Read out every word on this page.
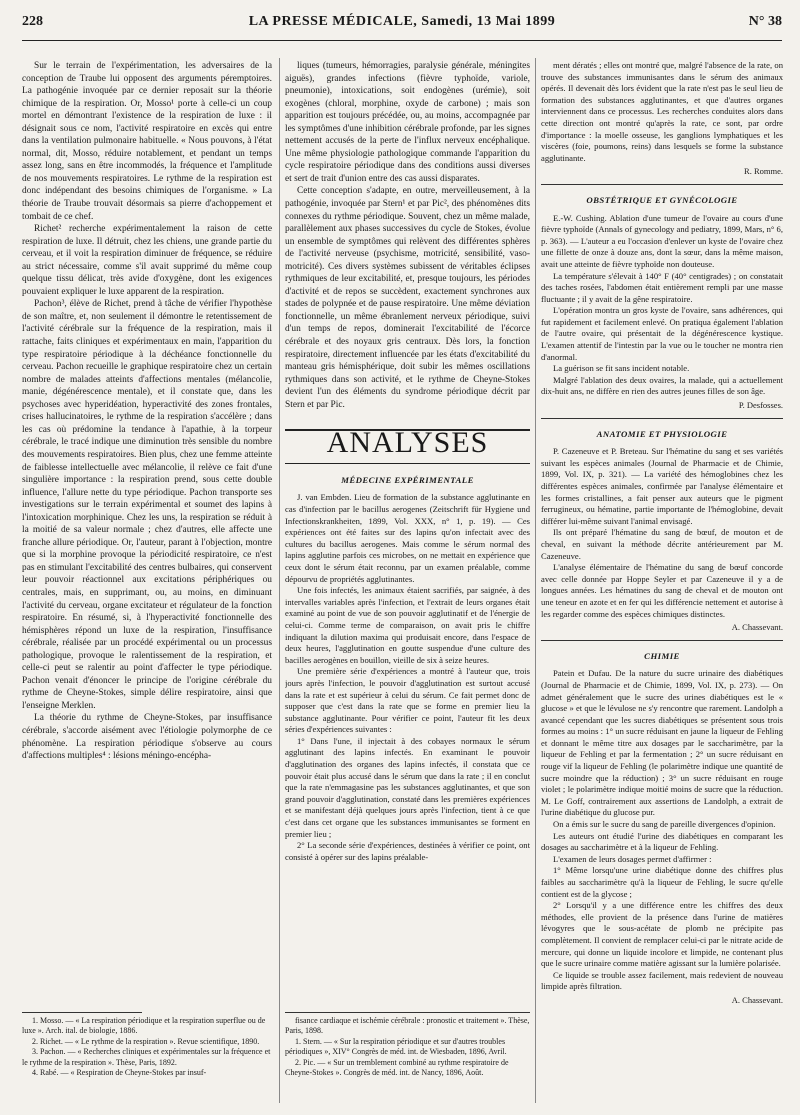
228	LA PRESSE MÉDICALE, Samedi, 13 Mai 1899	N° 38

Sur le terrain de l'expérimentation, les adversaires de la conception de Traube lui opposent des arguments péremptoires. La pathogénie invoquée par ce dernier reposait sur la théorie chimique de la respiration. Or, Mosso¹ porte à celle-ci un coup mortel en démontrant l'existence de la respiration de luxe : il désignait sous ce nom, l'activité respiratoire en excès qui entre dans la ventilation pulmonaire habituelle. « Nous pouvons, à l'état normal, dit, Mosso, réduire notablement, et pendant un temps assez long, sans en être incommodés, la fréquence et l'amplitude de nos mouvements respiratoires. Le rythme de la respiration est donc indépendant des besoins chimiques de l'organisme. » La théorie de Traube trouvait désormais sa pierre d'achoppement et tombait de ce chef.

Richet² recherche expérimentalement la raison de cette respiration de luxe. Il détruit, chez les chiens, une grande partie du cerveau, et il voit la respiration diminuer de fréquence, se réduire au strict nécessaire, comme s'il avait supprimé du même coup quelque tissu délicat, très avide d'oxygène, dont les exigences pouvaient expliquer le luxe apparent de la respiration.

Pachon³, élève de Richet, prend à tâche de vérifier l'hypothèse de son maître, et, non seulement il démontre le retentissement de l'activité cérébrale sur la fréquence de la respiration, mais il rattache, faits cliniques et expérimentaux en main, l'apparition du type respiratoire périodique à la déchéance fonctionnelle du cerveau. Pachon recueille le graphique respiratoire chez un certain nombre de malades atteints d'affections mentales (mélancolie, manie, dégénérescence mentale), et il constate que, dans les psychoses avec hyperidéation, hyperactivité des zones frontales, crises hallucinatoires, le rythme de la respiration s'accélère ; dans les cas où prédomine la tendance à l'apathie, à la torpeur cérébrale, le tracé indique une diminution très sensible du nombre des mouvements respiratoires. Bien plus, chez une femme atteinte de faiblesse intellectuelle avec mélancolie, il relève ce fait d'une singulière importance : la respiration prend, sous cette double influence, l'allure nette du type périodique. Pachon transporte ses investigations sur le terrain expérimental et soumet des lapins à l'intoxication morphinique. Chez les uns, la respiration se réduit à la moitié de sa valeur normale ; chez d'autres, elle affecte une franche allure périodique. Or, l'auteur, parant à l'objection, montre que si la morphine provoque la périodicité respiratoire, ce n'est pas en stimulant l'excitabilité des centres bulbaires, qui conservent leur pouvoir réactionnel aux excitations périphériques ou centrales, mais, en supprimant, ou, au moins, en diminuant l'activité du cerveau, organe excitateur et régulateur de la fonction respiratoire. En résumé, si, à l'hyperactivité fonctionnelle des hémisphères répond un luxe de la respiration, l'insuffisance cérébrale, réalisée par un procédé expérimental ou un processus pathologique, provoque le ralentissement de la respiration, et celle-ci peut se ralentir au point d'affecter le type périodique. Pachon venait d'énoncer le principe de l'origine cérébrale du rythme de Cheyne-Stokes, simple délire respiratoire, ainsi que l'enseigne Merklen.

La théorie du rythme de Cheyne-Stokes, par insuffisance cérébrale, s'accorde aisément avec l'étiologie polymorphe de ce phénomène. La respiration périodique s'observe au cours d'affections multiples⁴ : lésions méningo-encépha-

1. Mosso. — « La respiration périodique et la respiration superflue ou de luxe ». Arch. ital. de biologie, 1886.

2. Richet. — « Le rythme de la respiration ». Revue scientifique, 1890.

3. Pachon. — « Recherches cliniques et expérimentales sur la fréquence et le rythme de la respiration ». Thèse, Paris, 1892.

4. Rabé. — « Respiration de Cheyne-Stokes par insuf-

liques (tumeurs, hémorragies, paralysie générale, méningites aiguës), grandes infections (fièvre typhoïde, variole, pneumonie), intoxications, soit endogènes (urémie), soit exogènes (chloral, morphine, oxyde de carbone) ; mais son apparition est toujours précédée, ou, au moins, accompagnée par les symptômes d'une inhibition cérébrale profonde, par les signes nettement accusés de la perte de l'influx nerveux encéphalique. Une même physiologie pathologique commande l'apparition du cycle respiratoire périodique dans des conditions aussi diverses et sert de trait d'union entre des cas aussi disparates.

Cette conception s'adapte, en outre, merveilleusement, à la pathogénie, invoquée par Stern¹ et par Pic², des phénomènes dits connexes du rythme périodique. Souvent, chez un même malade, parallèlement aux phases successives du cycle de Stokes, évolue un ensemble de symptômes qui relèvent des différentes sphères de l'activité nerveuse (psychisme, motricité, sensibilité, vaso-motricité). Ces divers systèmes subissent de véritables éclipses rythmiques de leur excitabilité, et, presque toujours, les périodes d'activité et de repos se succèdent, exactement synchrones aux stades de polypnée et de pause respiratoire. Une même déviation fonctionnelle, un même ébranlement nerveux périodique, suivi d'un temps de repos, dominerait l'excitabilité de l'écorce cérébrale et des noyaux gris centraux. Dès lors, la fonction respiratoire, directement influencée par les états d'excitabilité du manteau gris hémisphérique, doit subir les mêmes oscillations rythmiques dans son activité, et le rythme de Cheyne-Stokes devient l'un des éléments du syndrome périodique décrit par Stern et par Pic.

ANALYSES
MÉDECINE EXPÉRIMENTALE

J. van Embden. Lieu de formation de la substance agglutinante en cas d'infection par le bacillus aerogenes (Zeitschrift für Hygiene und Infectionskrankheiten, 1899, Vol. XXX, n° 1, p. 19). — Ces expériences ont été faites sur des lapins qu'on infectait avec des cultures du bacillus aerogenes. Mais comme le sérum normal des lapins agglutine parfois ces microbes, on ne mettait en expérience que ceux dont le sérum était reconnu, par un examen préalable, comme dépourvu de propriétés agglutinantes.

Une fois infectés, les animaux étaient sacrifiés, par saignée, à des intervalles variables après l'infection, et l'extrait de leurs organes était examiné au point de vue de son pouvoir agglutinatif et de l'énergie de celui-ci. Comme terme de comparaison, on avait pris le chiffre indiquant la dilution maxima qui produisait encore, dans l'espace de deux heures, l'agglutination en goutte suspendue d'une culture des bacilles aerogènes en bouillon, vieille de six à seize heures.

Une première série d'expériences a montré à l'auteur que, trois jours après l'infection, le pouvoir d'agglutination est surtout accusé dans la rate et est supérieur à celui du sérum. Ce fait permet donc de supposer que c'est dans la rate que se forme en premier lieu la substance agglutinante. Pour vérifier ce point, l'auteur fit les deux séries d'expériences suivantes :

1° Dans l'une, il injectait à des cobayes normaux le sérum agglutinant des lapins infectés. En examinant le pouvoir d'agglutination des organes des lapins infectés, il constata que ce pouvoir était plus accusé dans le sérum que dans la rate ; il en conclut que la rate n'emmagasine pas les substances agglutinantes, et que son grand pouvoir d'agglutination, constaté dans les premières expériences et se manifestant déjà quelques jours après l'infection, tient à ce que c'est dans cet organe que les substances immunisantes se forment en premier lieu ;

2° La seconde série d'expériences, destinées à vérifier ce point, ont consisté à opérer sur des lapins préalable-

fisance cardiaque et ischémie cérébrale : pronostic et traitement ». Thèse, Paris, 1898.

1. Stern. — « Sur la respiration périodique et sur d'autres troubles périodiques », XIV° Congrès de méd. int. de Wiesbaden, 1896, Avril.

2. Pic. — « Sur un tremblement combiné au rythme respiratoire de Cheyne-Stokes ». Congrès de méd. int. de Nancy, 1896, Août.

ment dératés ; elles ont montré que, malgré l'absence de la rate, on trouve des substances immunisantes dans le sérum des animaux opérés. Il devenait dès lors évident que la rate n'est pas le seul lieu de formation des substances agglutinantes, et que d'autres organes interviennent dans ce processus. Les recherches conduites alors dans cette direction ont montré qu'après la rate, ce sont, par ordre d'importance : la moelle osseuse, les ganglions lymphatiques et les viscères (foie, poumons, reins) dans lesquels se forme la substance agglutinante.

R. Romme.

OBSTÉTRIQUE ET GYNÉCOLOGIE

E.-W. Cushing. Ablation d'une tumeur de l'ovaire au cours d'une fièvre typhoïde (Annals of gynecology and pediatry, 1899, Mars, n° 6, p. 363). — L'auteur a eu l'occasion d'enlever un kyste de l'ovaire chez une fillette de onze à douze ans, dont la sœur, dans la même maison, avait une atteinte de fièvre typhoïde non douteuse.

La température s'élevait à 140° F (40° centigrades) ; on constatait des taches rosées, l'abdomen était entièrement rempli par une masse fluctuante ; il y avait de la gêne respiratoire.

L'opération montra un gros kyste de l'ovaire, sans adhérences, qui fut rapidement et facilement enlevé. On pratiqua également l'ablation de l'autre ovaire, qui présentait de la dégénérescence kystique. L'examen attentif de l'intestin par la vue ou le toucher ne montra rien d'anormal.

La guérison se fit sans incident notable.

Malgré l'ablation des deux ovaires, la malade, qui a actuellement dix-huit ans, ne diffère en rien des autres jeunes filles de son âge.

P. Desfosses.

ANATOMIE ET PHYSIOLOGIE

P. Cazeneuve et P. Breteau. Sur l'hématine du sang et ses variétés suivant les espèces animales (Journal de Pharmacie et de Chimie, 1899, Vol. IX, p. 321). — La variété des hémoglobines chez les différentes espèces animales, confirmée par l'analyse élémentaire et les formes cristallines, a fait penser aux auteurs que le pigment ferrugineux, ou hématine, partie importante de l'hémoglobine, devait différer lui-même suivant l'animal envisagé.

Ils ont préparé l'hématine du sang de bœuf, de mouton et de cheval, en suivant la méthode décrite antérieurement par M. Cazeneuve.

L'analyse élémentaire de l'hématine du sang de bœuf concorde avec celle donnée par Hoppe Seyler et par Cazeneuve il y a de longues années. Les hématines du sang de cheval et de mouton ont une teneur en azote et en fer qui les différencie nettement et autorise à les regarder comme des espèces chimiques distinctes.

A. Chassevant.

CHIMIE

Patein et Dufau. De la nature du sucre urinaire des diabétiques (Journal de Pharmacie et de Chimie, 1899, Vol. IX, p. 273). — On admet généralement que le sucre des urines diabétiques est le « glucose » et que le lévulose ne s'y rencontre que rarement. Landolph a avancé cependant que les sucres diabétiques se présentent sous trois formes au moins : 1° un sucre réduisant en jaune la liqueur de Fehling et donnant le même titre aux dosages par le saccharimètre, par la liqueur de Fehling et par la fermentation ; 2° un sucre réduisant en rouge vif la liqueur de Fehling (le polarimètre indique une quantité de sucre moindre que la réduction) ; 3° un sucre réduisant en rouge violet ; le polarimètre indique moitié moins de sucre que la réduction. M. Le Goff, contrairement aux assertions de Landolph, a extrait de l'urine diabétique du glucose pur.

On a émis sur le sucre du sang de pareille divergences d'opinion.

Les auteurs ont étudié l'urine des diabétiques en comparant les dosages au saccharimètre et à la liqueur de Fehling.

L'examen de leurs dosages permet d'affirmer :

1° Même lorsqu'une urine diabétique donne des chiffres plus faibles au saccharimètre qu'à la liqueur de Fehling, le sucre qu'elle contient est de la glycose ;

2° Lorsqu'il y a une différence entre les chiffres des deux méthodes, elle provient de la présence dans l'urine de matières lévogyres que le sous-acétate de plomb ne précipite pas complètement. Il convient de remplacer celui-ci par le nitrate acide de mercure, qui donne un liquide incolore et limpide, ne contenant plus que le sucre urinaire comme matière agissant sur la lumière polarisée.

Ce liquide se trouble assez facilement, mais redevient de nouveau limpide après filtration.

A. Chassevant.
